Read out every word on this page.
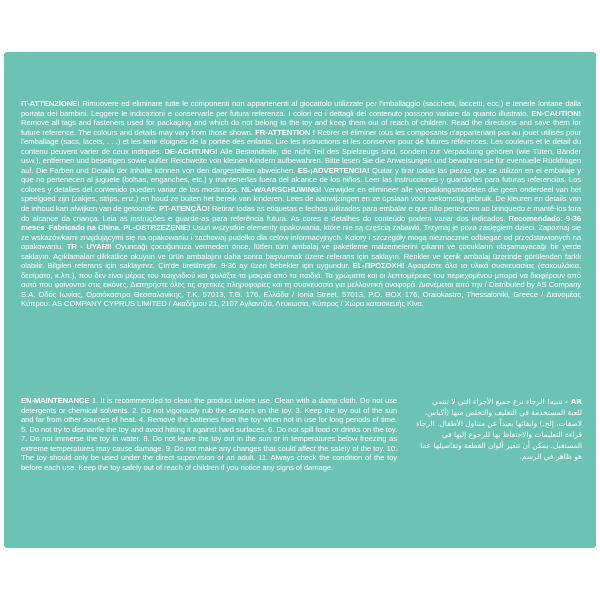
IT-ATTENZIONE! Rimuovere ed eliminare tutte le componenti non appartenenti al giocattolo utilizzate per l'imballaggio (sacchetti, laccetti, ecc.) e tenerle lontane dalla portata dei bambini. Leggere le indicazioni e conservarle per futura referenza. I colori ed i dettagli del contenuto possono variare da quanto illustrato. EN-CAUTION! Remove all tags and fasteners used for packaging and which do not belong to the toy and keep them out of reach of children. Read the directions and save them for future reference. The colours and details may vary from those shown. FR-ATTENTION ! Retirer et éliminer tous les composants n'appartenant pas au jouet utilisés pour l'emballage (sacs, lacets, . . .) et les tenir éloignés de la portée des enfants. Lire les instructions et les conserver pour de futures références. Les couleurs et le détail du contenu peuvent varier de ceux indiqués. DE-ACHTUNG! Alle Bestandteile, die nicht Teil des Spielzeugs sind, sondern zur Verpackung gehören (wie Tüten, Bänder usw.), entfernen und beseitigen sowie außer Reichweite von kleinen Kindern aufbewahren. Bitte lesen Sie die Anweisungen und bewahren sie für eventuelle Rückfragen auf. Die Farben und Details der Inhalte können von den dargestellten abweichen. ES-¡ADVERTENCIA! Quitar y tirar todas las piezas que se utilizan en el embalaje y que no pertenecen al juguete (bolsas, enganches, etc.) y mantenerlas fuera del alcance de los niños. Leer las instrucciones y guardarlas para futuras referencias. Los colores y detalles del contenido pueden variar de los mostrados. NL-WAARSCHUWING! Verwijder en elimineer alle verpakkingsmiddelen die geen onderdeel van het speelgoed zijn (zakjes, strips, enz.) en houd ze buiten het bereik van kinderen. Lees de aanwijzingen en ze opslaan voor toekomstig gebruik. De kleuren en details van de inhoud kan afwijken van de getoonde. PT-ATENÇÃO! Retirar todas as etiquetas e fechos utilizados para embalar e que não pertencem ao brinquedo e mantê-los fora do alcance da criança. Leia as instruções e guarde-as para referência futura. As cores e detalhes do conteúdo podem variar dos indicados. Recomendado: 9-36 meses. Fabricado na China. PL-OSTRZEŻENIE! Usuń wszystkie elementy opakowania, które nie są częścią zabawki. Trzymaj je poza zasięgiem dzieci. Zapoznaj się ze wskazówkami znajdującymi się na opakowaniu i zachowaj pudełko dla celów informacyjnych. Kolory i szczegóły mogą nieznacznie odbiegać od przedstawionych na opakowaniu. TR - UYARI! Oyuncağı çocuğunuza vermeden önce, lütfen tüm ambalaj ve paketleme malzemelerini çıkarın ve çocukların ulaşamayacağı bir yerde saklayın. Açıklamaları dikkatlice okuyun ve ürün ambalajını daha sonra başvurmak üzere referans için saklayın. Renkler ve içerik ambalaj üzerinde görülenden farklı olabilir. Bilgileri referans için saklayınız. Çin'de üretilmiştir. 9-36 ay üzeri bebekler için uygundur. EL-ΠΡΟΣΟΧΗ! Αφαιρέστε όλα τα υλικά συσκευασίας (σακουλάκια, δεσίματα, κ.λπ.), που δεν είναι μέρος του παιχνιδιού και φυλάξτε τα μακριά από τα παιδιά. Τα χρώματα και οι λεπτομέρειες του περιεχομένου μπορεί να διαφέρουν από αυτά που φαίνονται στις εικόνες. Διατηρήστε όλες τις σχετικές πληροφορίες και τη συσκευασία για μελλοντική αναφορά. Διανέμεται από την / Distributed by AS Company S.A. Οδός Ιωνίας, Οραιόκαστρο Θεσσαλονίκης, Τ.Κ. 57013, Τ.Θ. 176, Ελλάδα / Ionia Street, 57013, P.O. BOX 176, Oraiokastro, Thessaloniki, Greece / Διανομέας Κύπρου: AS COMPANY CYPRUS LIMITED / Ακαδήμου 21, 2107 Αγλαντζιά, Λευκωσία, Κύπρος / Χώρα κατασκευής Κίνα.
EN-MAINTENANCE 1. It is recommended to clean the product before use. Clean with a damp cloth. Do not use detergents or chemical solvents. 2. Do not vigorously rub the sensors on the toy. 3. Keep the toy out of the sun and far from other sources of heat. 4. Remove the batteries from the toy when not in use for long periods of time. 5. Do not try to dismantle the toy and avoid hitting it against hard surfaces. 6. Do not spill food or drinks on the toy. 7. Do not immerse the toy in water. 8. Do not leave the toy out in the sun or in temperatures below freezing as extreme temperatures may cause damage. 9. Do not make any changes that could affect the safety of the toy. 10. The toy should only be used under the direct supervision of an adult. 11. Always check the condition of the toy before each use. Keep the toy safely out of reach of children if you notice any signs of damage.
AR - تنبيه! الرجاء نزع جميع الأجزاء التي لا تنتمي للعبة المستخدمة في التغليف والتخلص منها (أكياس، لاصقات، إلخ.) وابقائها بعيداً عن متناول الأطفال. الرجاء قراءة التعليمات والاحتفاظ بها للرجوع إليها في المستقبل. يمكن أن تتغير ألوان القطعة وتفاصيلها عما هو ظاهر في الرسم.
